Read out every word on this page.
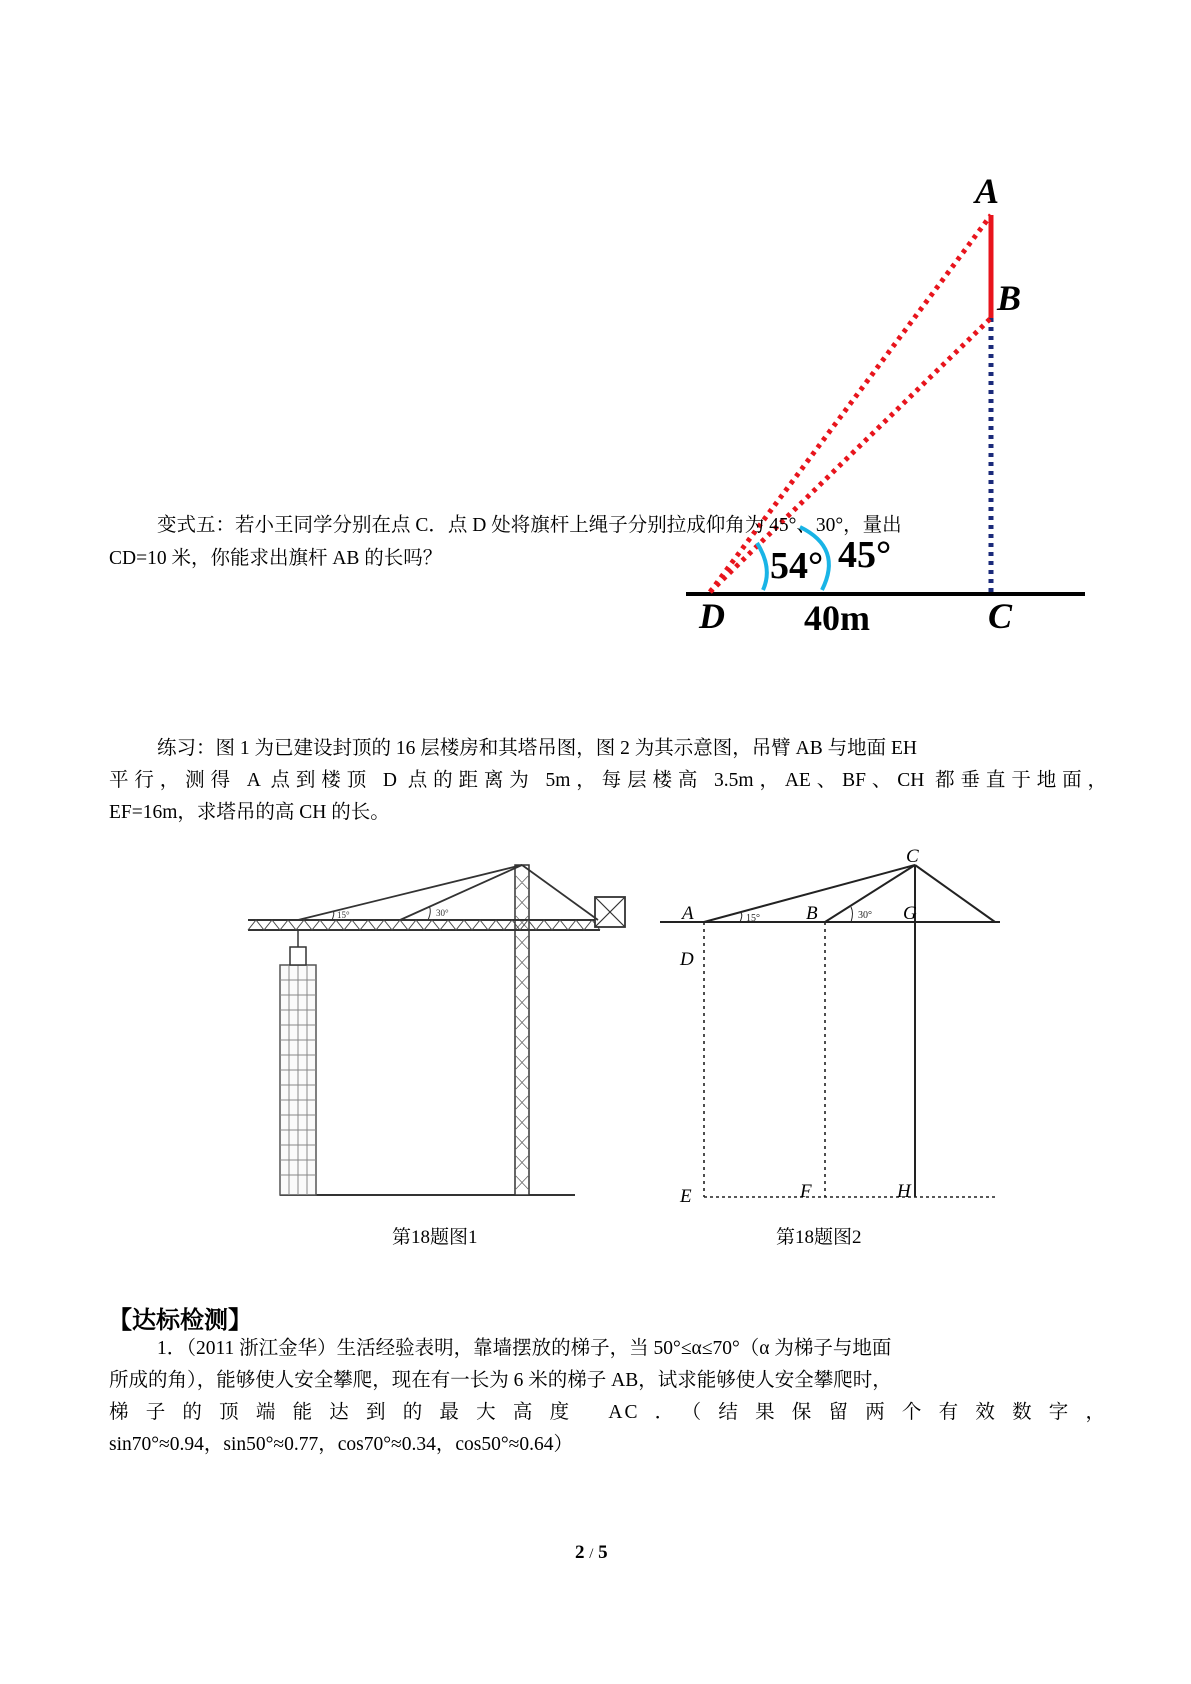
A
B
C
D
54° 45°
40m
变式五：若小王同学分别在点 C．点 D 处将旗杆上绳子分别拉成仰角为 45°、30°，量出
CD=10 米，你能求出旗杆 AB 的长吗？
练习：图 1 为已建设封顶的 16 层楼房和其塔吊图，图 2 为其示意图，吊臂 AB 与地面 EH
平行，测得 A 点到楼顶 D 点的距离为 5m，每层楼高 3.5m，AE、BF、CH 都垂直于地面，
EF=16m，求塔吊的高 CH 的长。
15°	30°
第18题图1
15°	30°
A	B
C
G
D
E	F	H
第18题图2
【达标检测】
1．（2011 浙江金华）生活经验表明，靠墙摆放的梯子，当 50°≤α≤70°（α 为梯子与地面
所成的角），能够使人安全攀爬，现在有一长为 6 米的梯子 AB，试求能够使人安全攀爬时，
梯子的顶端能达到的最大高度 AC．（结果保留两个有效数字，
sin70°≈0.94，sin50°≈0.77，cos70°≈0.34，cos50°≈0.64）
2 / 5
